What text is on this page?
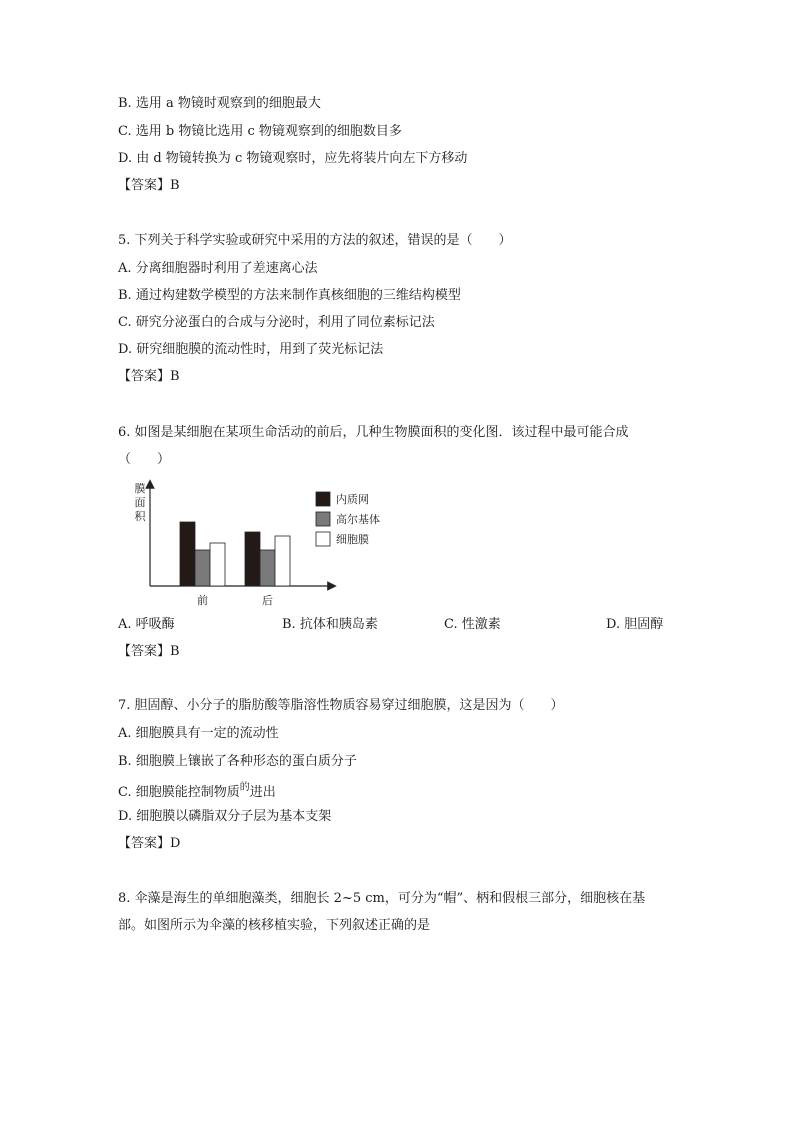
B. 选用 a 物镜时观察到的细胞最大
C. 选用 b 物镜比选用 c 物镜观察到的细胞数目多
D. 由 d 物镜转换为 c 物镜观察时，应先将装片向左下方移动
【答案】B
5. 下列关于科学实验或研究中采用的方法的叙述，错误的是（　　）
A. 分离细胞器时利用了差速离心法
B. 通过构建数学模型的方法来制作真核细胞的三维结构模型
C. 研究分泌蛋白的合成与分泌时，利用了同位素标记法
D. 研究细胞膜的流动性时，用到了荧光标记法
【答案】B
6. 如图是某细胞在某项生命活动的前后，几种生物膜面积的变化图．该过程中最可能合成
（　　）
膜
面
积
前	后
内质网
高尔基体
细胞膜
A. 呼吸酶	B. 抗体和胰岛素	C. 性激素	D. 胆固醇
【答案】B
7. 胆固醇、小分子的脂肪酸等脂溶性物质容易穿过细胞膜，这是因为（　　）
A. 细胞膜具有一定的流动性
B. 细胞膜上镶嵌了各种形态的蛋白质分子
C. 细胞膜能控制物质$^的$进出
D. 细胞膜以磷脂双分子层为基本支架
【答案】D
8. 伞藻是海生的单细胞藻类，细胞长 2~5 cm，可分为“帽”、柄和假根三部分，细胞核在基
部。如图所示为伞藻的核移植实验，下列叙述正确的是
